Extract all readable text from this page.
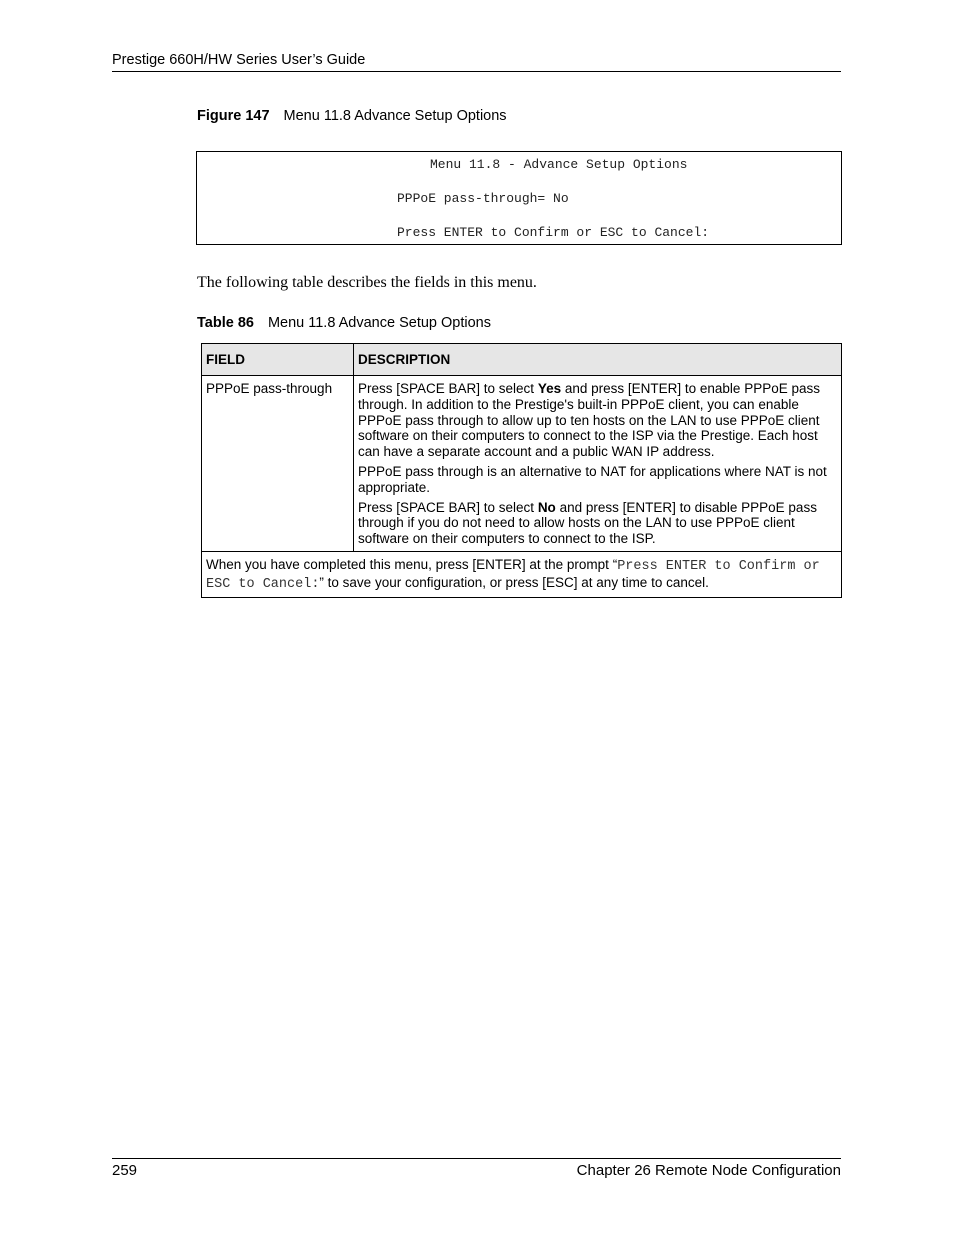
Prestige 660H/HW Series User’s Guide
Figure 147 Menu 11.8 Advance Setup Options
Menu 11.8 - Advance Setup Options
PPPoE pass-through= No
Press ENTER to Confirm or ESC to Cancel:
The following table describes the fields in this menu.
Table 86 Menu 11.8 Advance Setup Options
FIELD	DESCRIPTION
PPPoE pass-through	Press [SPACE BAR] to select Yes and press [ENTER] to enable PPPoE pass through. In addition to the Prestige's built-in PPPoE client, you can enable PPPoE pass through to allow up to ten hosts on the LAN to use PPPoE client software on their computers to connect to the ISP via the Prestige. Each host can have a separate account and a public WAN IP address.

PPPoE pass through is an alternative to NAT for applications where NAT is not appropriate.

Press [SPACE BAR] to select No and press [ENTER] to disable PPPoE pass through if you do not need to allow hosts on the LAN to use PPPoE client software on their computers to connect to the ISP.

When you have completed this menu, press [ENTER] at the prompt “Press ENTER to Confirm or ESC to Cancel:” to save your configuration, or press [ESC] at any time to cancel.	
259	Chapter 26 Remote Node Configuration
